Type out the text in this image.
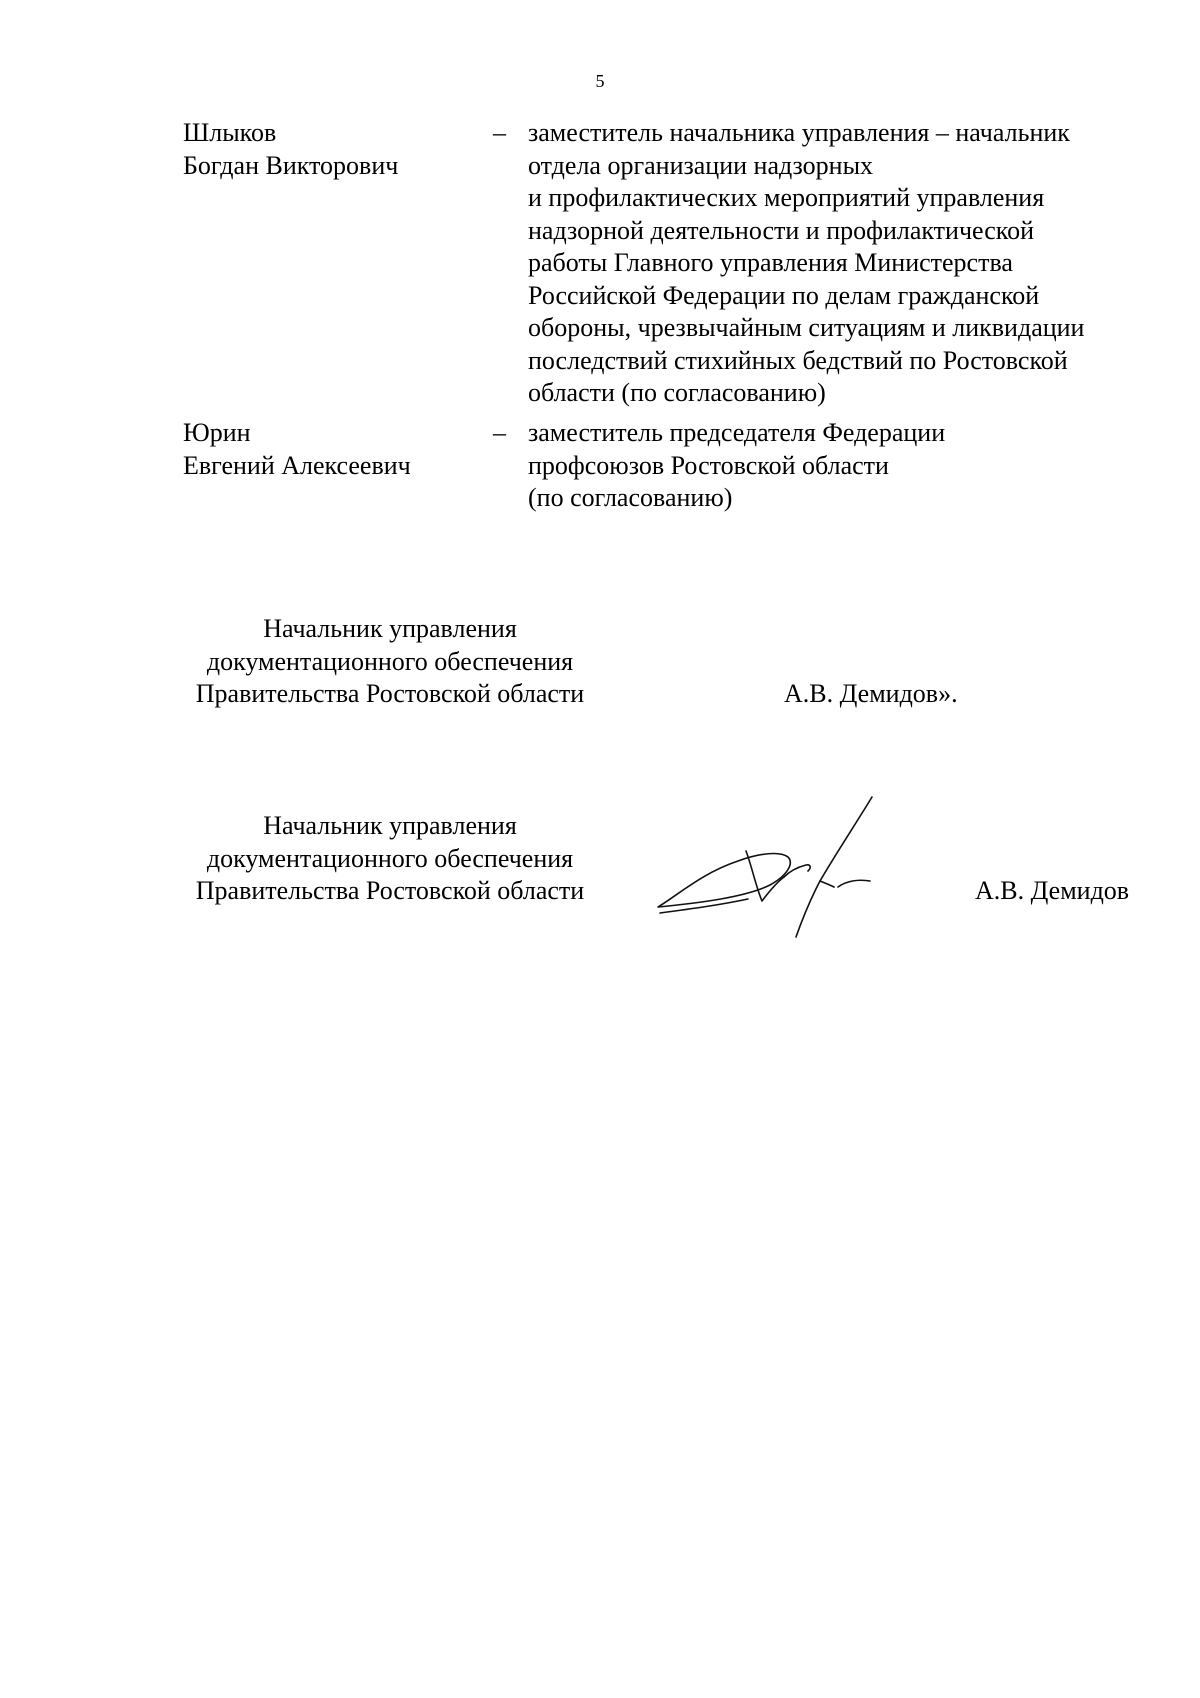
5
Шлыков
Богдан Викторович
– заместитель начальника управления – начальник
отдела организации надзорных
и профилактических мероприятий управления
надзорной деятельности и профилактической
работы Главного управления Министерства
Российской Федерации по делам гражданской
обороны, чрезвычайным ситуациям и ликвидации
последствий стихийных бедствий по Ростовской
области (по согласованию)
Юрин
Евгений Алексеевич
– заместитель председателя Федерации
профсоюзов Ростовской области
(по согласованию)
Начальник управления
документационного обеспечения
Правительства Ростовской области	А.В. Демидов».
Начальник управления
документационного обеспечения
Правительства Ростовской области	А.В. Демидов
